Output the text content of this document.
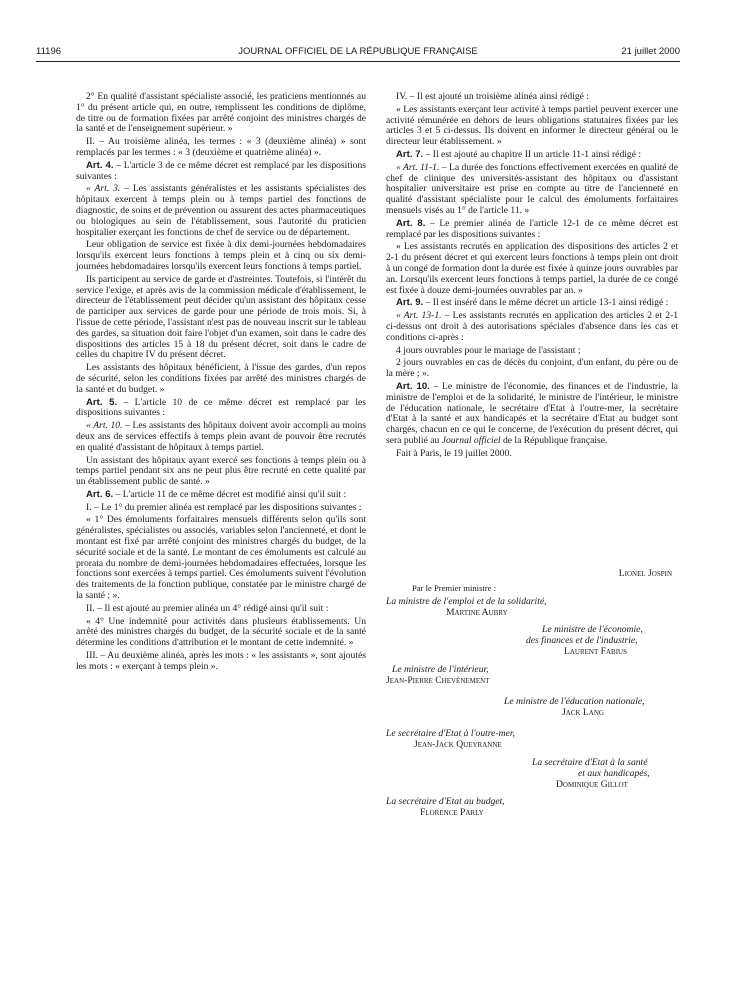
11196	JOURNAL OFFICIEL DE LA RÉPUBLIQUE FRANÇAISE	21 juillet 2000

2° En qualité d'assistant spécialiste associé, les praticiens mentionnés au 1° du présent article qui, en outre, remplissent les conditions de diplôme, de titre ou de formation fixées par arrêté conjoint des ministres chargés de la santé et de l'enseignement supérieur. »

II. – Au troisième alinéa, les termes : « 3 (deuxième alinéa) » sont remplacés par les termes : « 3 (deuxième et quatrième alinéa) ».

Art. 4. – L'article 3 de ce même décret est remplacé par les dispositions suivantes :

« Art. 3. – Les assistants généralistes et les assistants spécialistes des hôpitaux exercent à temps plein ou à temps partiel des fonctions de diagnostic, de soins et de prévention ou assurent des actes pharmaceutiques ou biologiques au sein de l'établissement, sous l'autorité du praticien hospitalier exerçant les fonctions de chef de service ou de département.

Leur obligation de service est fixée à dix demi-journées hebdomadaires lorsqu'ils exercent leurs fonctions à temps plein et à cinq ou six demi-journées hebdomadaires lorsqu'ils exercent leurs fonctions à temps partiel.

Ils participent au service de garde et d'astreintes. Toutefois, si l'intérêt du service l'exige, et après avis de la commission médicale d'établissement, le directeur de l'établissement peut décider qu'un assistant des hôpitaux cesse de participer aux services de garde pour une période de trois mois. Si, à l'issue de cette période, l'assistant n'est pas de nouveau inscrit sur le tableau des gardes, sa situation doit faire l'objet d'un examen, soit dans le cadre des dispositions des articles 15 à 18 du présent décret, soit dans le cadre de celles du chapitre IV du présent décret.

Les assistants des hôpitaux bénéficient, à l'issue des gardes, d'un repos de sécurité, selon les conditions fixées par arrêté des ministres chargés de la santé et du budget. »

Art. 5. – L'article 10 de ce même décret est remplacé par les dispositions suivantes :

« Art. 10. – Les assistants des hôpitaux doivent avoir accompli au moins deux ans de services effectifs à temps plein avant de pouvoir être recrutés en qualité d'assistant de hôpitaux à temps partiel.

Un assistant des hôpitaux ayant exercé ses fonctions à temps plein ou à temps partiel pendant six ans ne peut plus être recruté en cette qualité par un établissement public de santé. »

Art. 6. – L'article 11 de ce même décret est modifié ainsi qu'il suit :

I. – Le 1° du premier alinéa est remplacé par les dispositions suivantes :

« 1° Des émoluments forfaitaires mensuels différents selon qu'ils sont généralistes, spécialistes ou associés, variables selon l'ancienneté, et dont le montant est fixé par arrêté conjoint des ministres chargés du budget, de la sécurité sociale et de la santé. Le montant de ces émoluments est calculé au prorata du nombre de demi-journées hebdomadaires effectuées, lorsque les fonctions sont exercées à temps partiel. Ces émoluments suivent l'évolution des traitements de la fonction publique, constatée par le ministre chargé de la santé ; ».

II. – Il est ajouté au premier alinéa un 4° rédigé ainsi qu'il suit :

« 4° Une indemnité pour activités dans plusieurs établissements. Un arrêté des ministres chargés du budget, de la sécurité sociale et de la santé détermine les conditions d'attribution et le montant de cette indemnité. »

III. – Au deuxième alinéa, après les mots : « les assistants », sont ajoutés les mots : « exerçant à temps plein ».

IV. – Il est ajouté un troisième alinéa ainsi rédigé :

« Les assistants exerçant leur activité à temps partiel peuvent exercer une activité rémunérée en dehors de leurs obligations statutaires fixées par les articles 3 et 5 ci-dessus. Ils doivent en informer le directeur général ou le directeur leur établissement. »

Art. 7. – Il est ajouté au chapitre II un article 11-1 ainsi rédigé :

« Art. 11-1. – La durée des fonctions effectivement exercées en qualité de chef de clinique des universités-assistant des hôpitaux ou d'assistant hospitalier universitaire est prise en compte au titre de l'ancienneté en qualité d'assistant spécialiste pour le calcul des émoluments forfaitaires mensuels visés au 1° de l'article 11. »

Art. 8. – Le premier alinéa de l'article 12-1 de ce même décret est remplacé par les dispositions suivantes :

« Les assistants recrutés en application des dispositions des articles 2 et 2-1 du présent décret et qui exercent leurs fonctions à temps plein ont droit à un congé de formation dont la durée est fixée à quinze jours ouvrables par an. Lorsqu'ils exercent leurs fonctions à temps partiel, la durée de ce congé est fixée à douze demi-journées ouvrables par an. »

Art. 9. – Il est inséré dans le même décret un article 13-1 ainsi rédigé :

« Art. 13-1. – Les assistants recrutés en application des articles 2 et 2-1 ci-dessus ont droit à des autorisations spéciales d'absence dans les cas et conditions ci-après :

4 jours ouvrables pour le mariage de l'assistant ;

2 jours ouvrables en cas de décès du conjoint, d'un enfant, du père ou de la mère ; ».

Art. 10. – Le ministre de l'économie, des finances et de l'industrie, la ministre de l'emploi et de la solidarité, le ministre de l'intérieur, le ministre de l'éducation nationale, le secrétaire d'Etat à l'outre-mer, la secrétaire d'Etat à la santé et aux handicapés et la secrétaire d'Etat au budget sont chargés, chacun en ce qui le concerne, de l'exécution du présent décret, qui sera publié au Journal officiel de la République française.

Fait à Paris, le 19 juillet 2000.

Lionel Jospin
Par le Premier ministre :
La ministre de l'emploi et de la solidarité,
Martine Aubry
Le ministre de l'économie,
des finances et de l'industrie,
Laurent Fabius
Le ministre de l'intérieur,
Jean-Pierre Chevènement
Le ministre de l'éducation nationale,
Jack Lang
Le secrétaire d'Etat à l'outre-mer,
Jean-Jack Queyranne
La secrétaire d'Etat à la santé
et aux handicapés,
Dominique Gillot
La secrétaire d'Etat au budget,
Florence Parly
